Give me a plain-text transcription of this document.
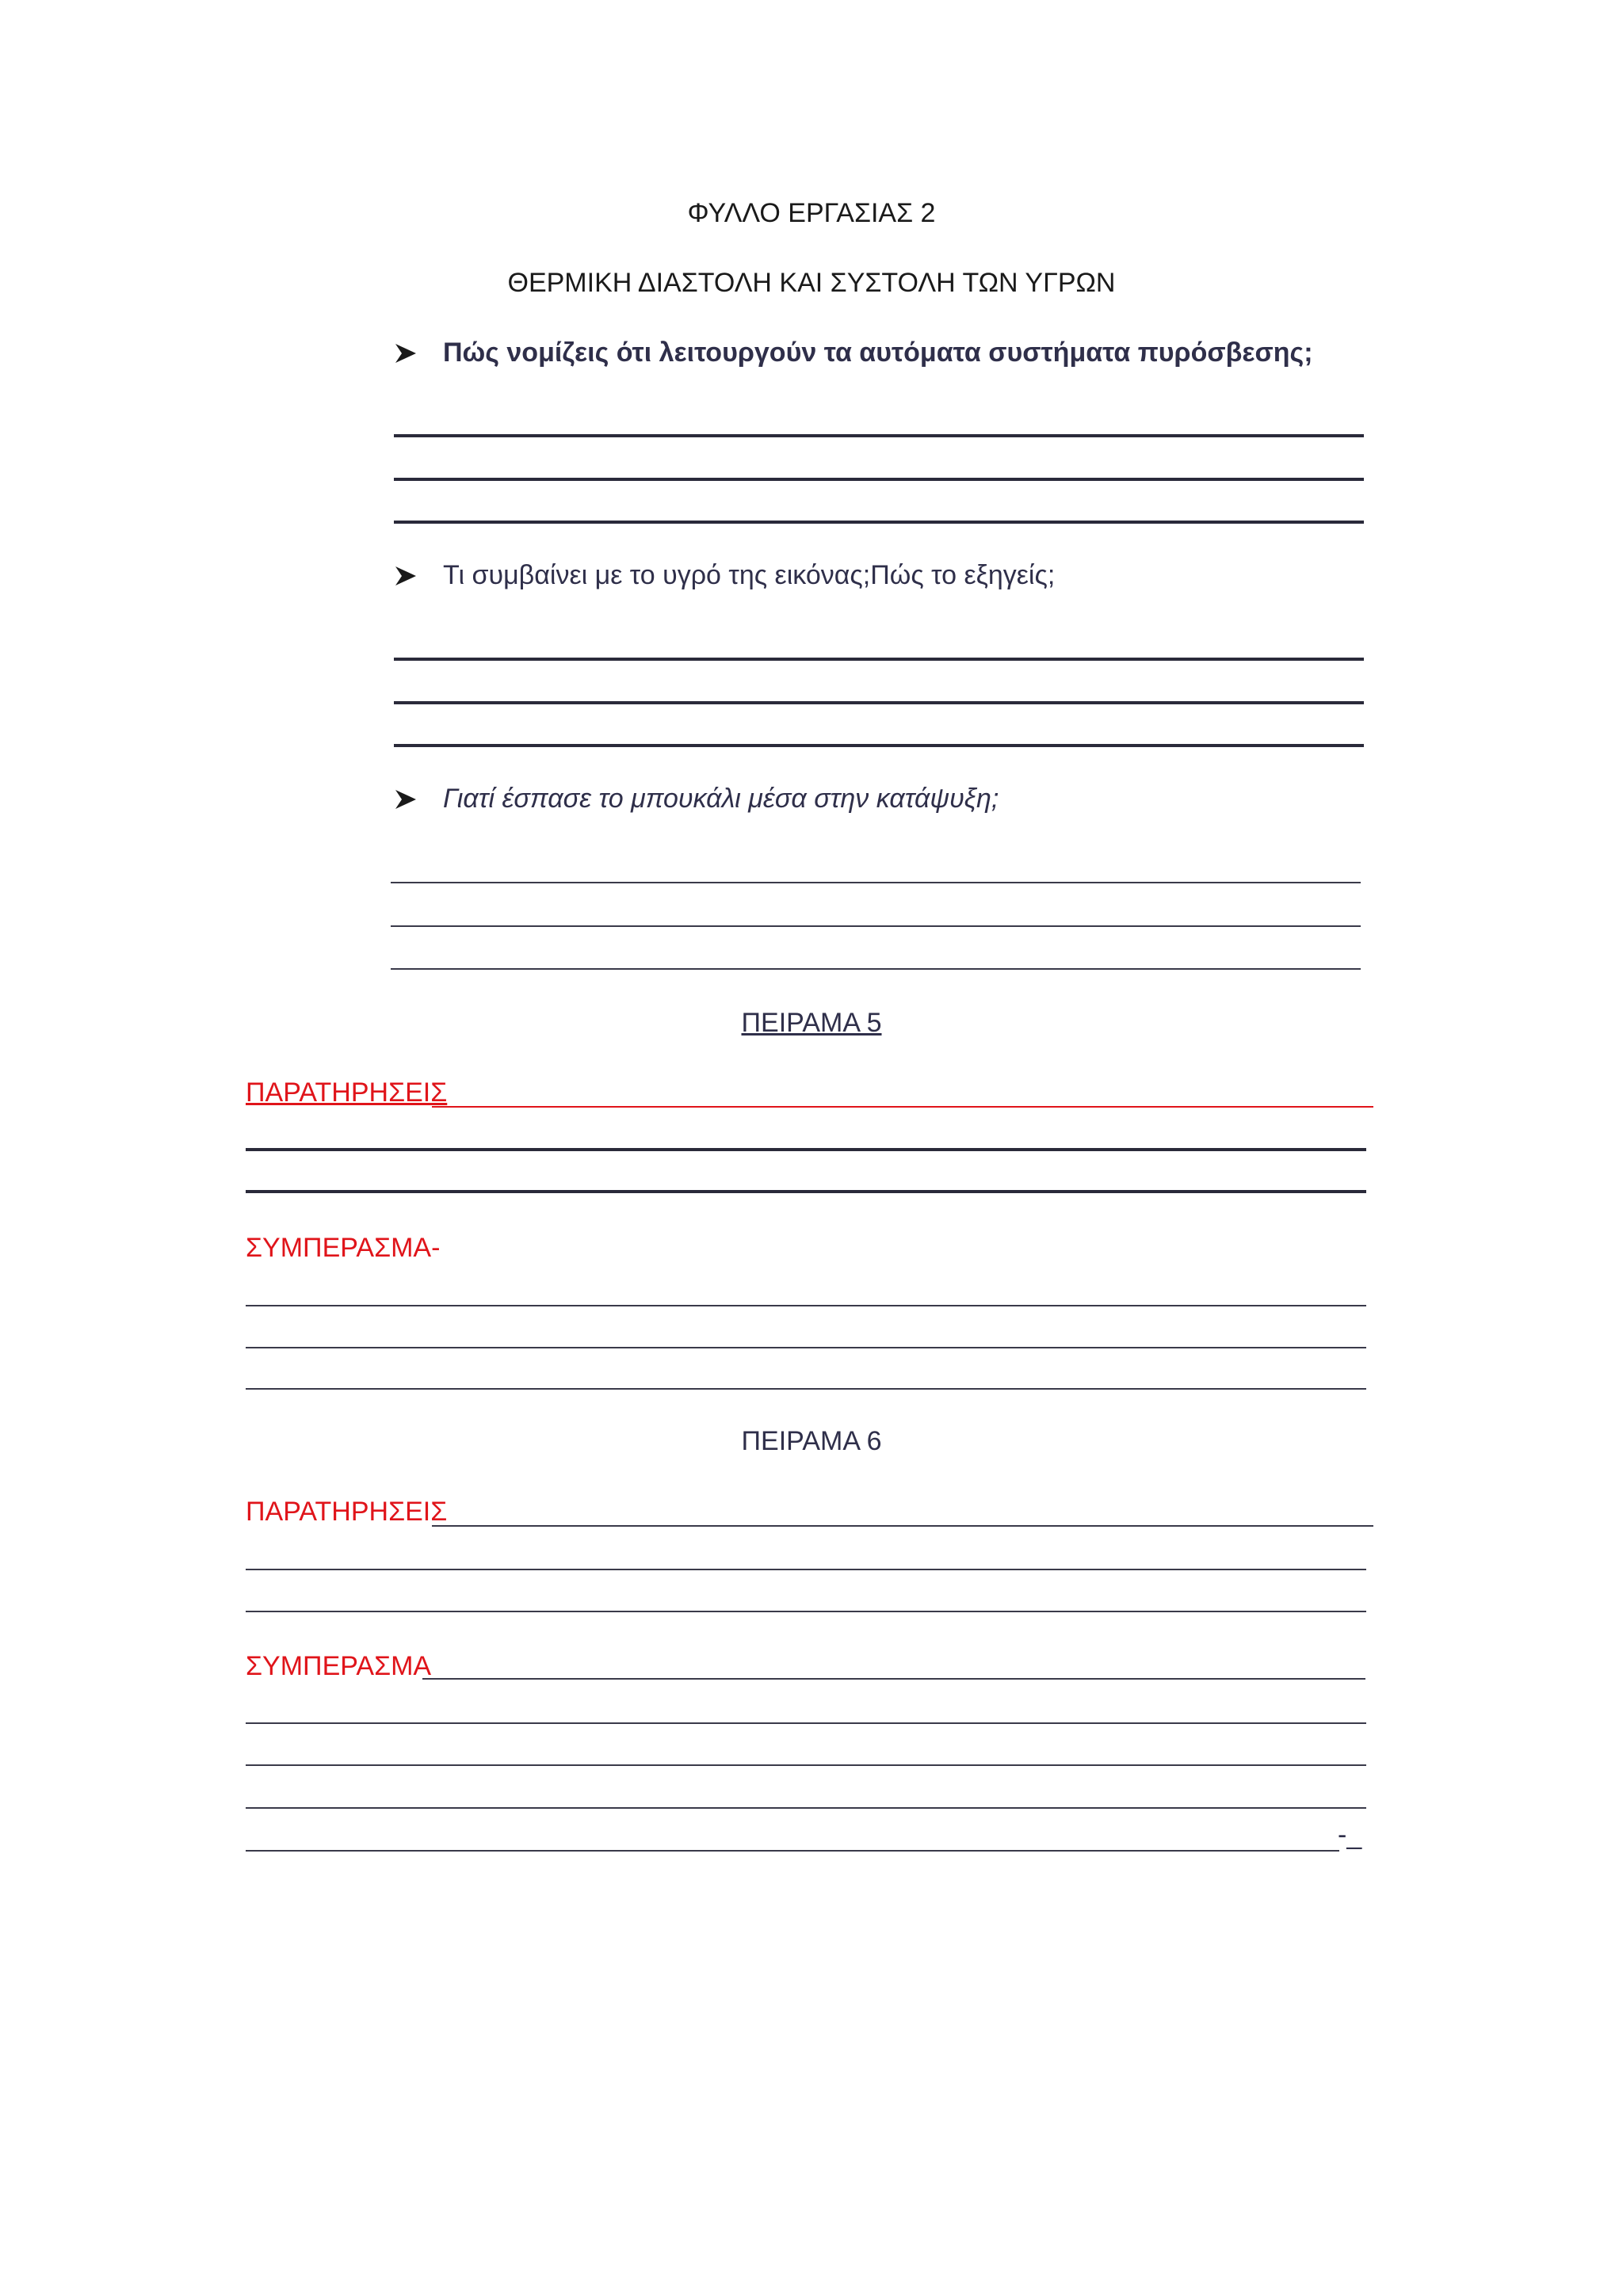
ΦΥΛΛΟ ΕΡΓΑΣΙΑΣ 2
ΘΕΡΜΙΚΗ ΔΙΑΣΤΟΛΗ ΚΑΙ ΣΥΣΤΟΛΗ ΤΩΝ ΥΓΡΩΝ
Πώς νομίζεις ότι λειτουργούν τα αυτόματα συστήματα πυρόσβεσης;
Τι συμβαίνει με το υγρό της εικόνας;Πώς το εξηγείς;
Γιατί έσπασε το μπουκάλι μέσα στην κατάψυξη;
ΠΕΙΡΑΜΑ 5
ΠΑΡΑΤΗΡΗΣΕΙΣ
ΣΥΜΠΕΡΑΣΜΑ-
ΠΕΙΡΑΜΑ 6
ΠΑΡΑΤΗΡΗΣΕΙΣ
ΣΥΜΠΕΡΑΣΜΑ
-_
